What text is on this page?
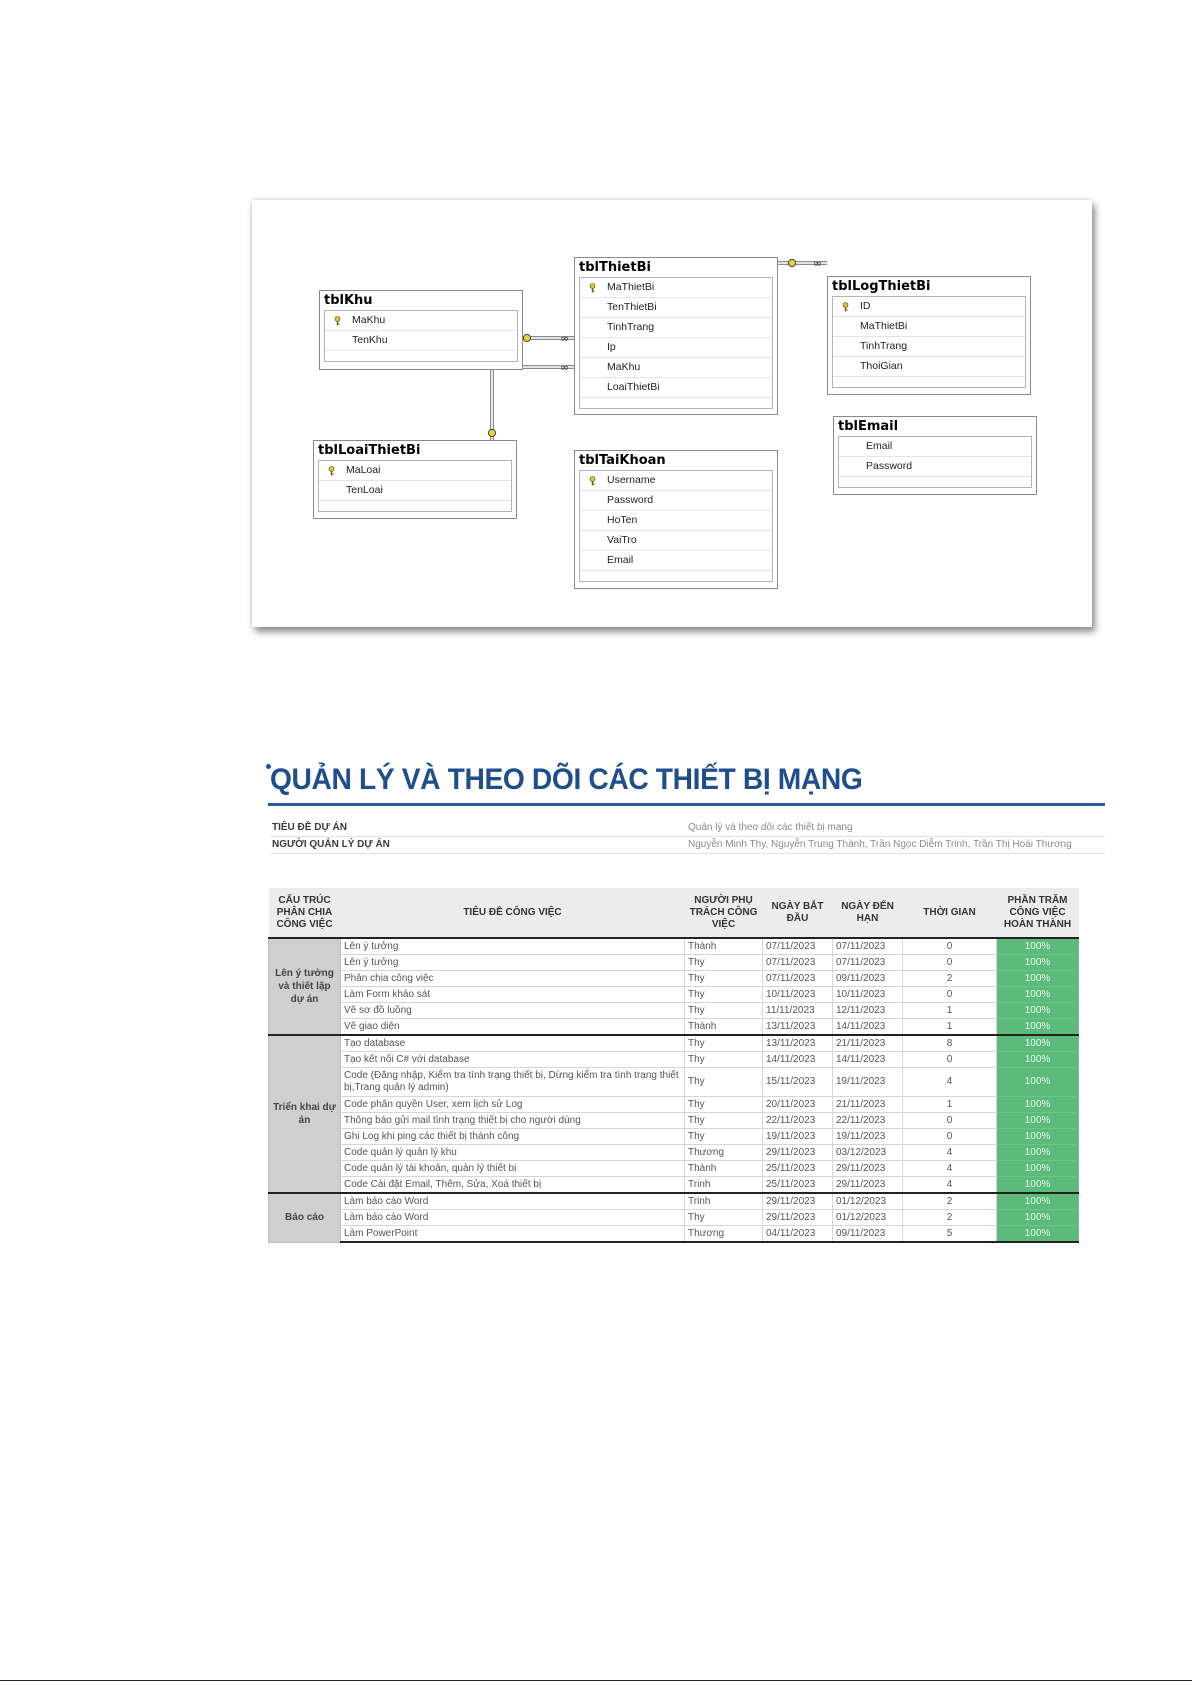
∞
∞
∞
tblKhu
MaKhu
TenKhu
tblThietBi
MaThietBi
TenThietBi
TinhTrang
Ip
MaKhu
LoaiThietBi
tblLogThietBi
ID
MaThietBi
TinhTrang
ThoiGian
tblLoaiThietBi
MaLoai
TenLoai
tblTaiKhoan
Username
Password
HoTen
VaiTro
Email
tblEmail
Email
Password
QUẢN LÝ VÀ THEO DÕI CÁC THIẾT BỊ MẠNG
TIÊU ĐỀ DỰ ÁN	Quản lý và theo dõi các thiết bị mạng
NGƯỜI QUẢN LÝ DỰ ÁN	Nguyễn Minh Thy, Nguyễn Trung Thành, Trần Ngọc Diễm Trinh, Trần Thị Hoài Thương
CẤU TRÚC PHÂN CHIA CÔNG VIỆC	TIÊU ĐỀ CÔNG VIỆC	NGƯỜI PHỤ TRÁCH CÔNG VIỆC	NGÀY BẮT ĐẦU	NGÀY ĐẾN HẠN	THỜI GIAN	PHẦN TRĂM CÔNG VIỆC HOÀN THÀNH
Lên ý tưởng và thiết lập dự án	Lên ý tưởng	Thành	07/11/2023	07/11/2023	0	100%
	Lên ý tưởng	Thy	07/11/2023	07/11/2023	0	100%
	Phân chia công việc	Thy	07/11/2023	09/11/2023	2	100%
	Làm Form khảo sát	Thy	10/11/2023	10/11/2023	0	100%
	Vẽ sơ đồ luồng	Thy	11/11/2023	12/11/2023	1	100%
	Vẽ giao diện	Thành	13/11/2023	14/11/2023	1	100%
Triển khai dự án	Tạo database	Thy	13/11/2023	21/11/2023	8	100%
	Tạo kết nối C# với database	Thy	14/11/2023	14/11/2023	0	100%
	Code (Đăng nhập, Kiểm tra tình trạng thiết bị, Dừng kiểm tra tình trạng thiết bị,Trang quản lý admin)	Thy	15/11/2023	19/11/2023	4	100%
	Code phân quyền User, xem lịch sử Log	Thy	20/11/2023	21/11/2023	1	100%
	Thông báo gửi mail tình trạng thiết bị cho người dùng	Thy	22/11/2023	22/11/2023	0	100%
	Ghi Log khi ping các thiết bị thành công	Thy	19/11/2023	19/11/2023	0	100%
	Code quản lý quản lý khu	Thương	29/11/2023	03/12/2023	4	100%
	Code quản lý tài khoản, quản lý thiết bị	Thành	25/11/2023	29/11/2023	4	100%
	Code Cài đặt Email, Thêm, Sửa, Xoá thiết bị	Trinh	25/11/2023	29/11/2023	4	100%
Báo cáo	Làm báo cáo Word	Trinh	29/11/2023	01/12/2023	2	100%
	Làm báo cáo Word	Thy	29/11/2023	01/12/2023	2	100%
	Làm PowerPoint	Thương	04/11/2023	09/11/2023	5	100%
